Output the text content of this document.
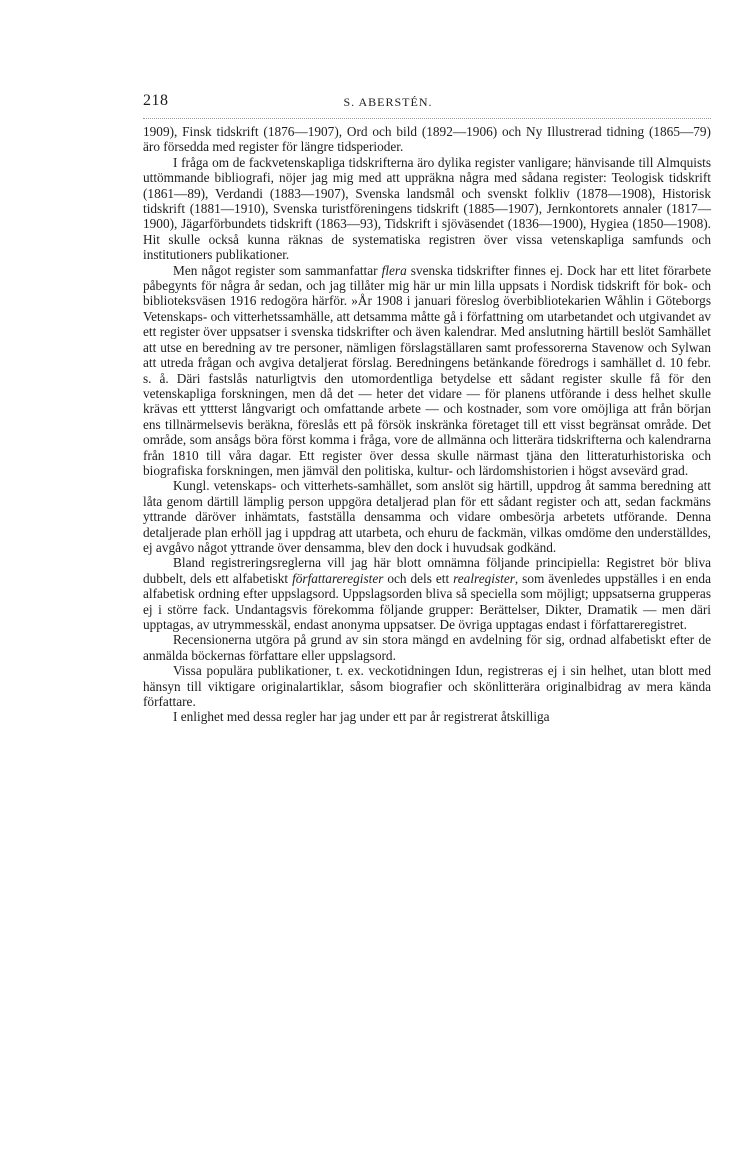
218	S. ABERSTÉN.

1909), Finsk tidskrift (1876—1907), Ord och bild (1892—1906) och Ny Illustrerad tidning (1865—79) äro försedda med register för längre tidsperioder.

I fråga om de fackvetenskapliga tidskrifterna äro dylika register vanligare; hänvisande till Almquists uttömmande bibliografi, nöjer jag mig med att uppräkna några med sådana register: Teologisk tidskrift (1861—89), Verdandi (1883—1907), Svenska landsmål och svenskt folkliv (1878—1908), Historisk tidskrift (1881—1910), Svenska turistföreningens tidskrift (1885—1907), Jernkontorets annaler (1817—1900), Jägarförbundets tidskrift (1863—93), Tidskrift i sjöväsendet (1836—1900), Hygiea (1850—1908). Hit skulle också kunna räknas de systematiska registren över vissa vetenskapliga samfunds och institutioners publikationer.

Men något register som sammanfattar flera svenska tidskrifter finnes ej. Dock har ett litet förarbete påbegynts för några år sedan, och jag tillåter mig här ur min lilla uppsats i Nordisk tidskrift för bok- och biblioteksväsen 1916 redogöra härför. »År 1908 i januari föreslog överbibliotekarien Wåhlin i Göteborgs Vetenskaps- och vitterhetssamhälle, att detsamma måtte gå i författning om utarbetandet och utgivandet av ett register över uppsatser i svenska tidskrifter och även kalendrar. Med anslutning härtill beslöt Samhället att utse en beredning av tre personer, nämligen förslagställaren samt professorerna Stavenow och Sylwan att utreda frågan och avgiva detaljerat förslag. Beredningens betänkande föredrogs i samhället d. 10 febr. s. å. Däri fastslås naturligtvis den utomordentliga betydelse ett sådant register skulle få för den vetenskapliga forskningen, men då det — heter det vidare — för planens utförande i dess helhet skulle krävas ett yttterst långvarigt och omfattande arbete — och kostnader, som vore omöjliga att från början ens tillnärmelsevis beräkna, föreslås ett på försök inskränka företaget till ett visst begränsat område. Det område, som ansågs böra först komma i fråga, vore de allmänna och litterära tidskrifterna och kalendrarna från 1810 till våra dagar. Ett register över dessa skulle närmast tjäna den litteraturhistoriska och biografiska forskningen, men jämväl den politiska, kultur- och lärdomshistorien i högst avsevärd grad.

Kungl. vetenskaps- och vitterhets-samhället, som anslöt sig härtill, uppdrog åt samma beredning att låta genom därtill lämplig person uppgöra detaljerad plan för ett sådant register och att, sedan fackmäns yttrande däröver inhämtats, fastställa densamma och vidare ombesörja arbetets utförande. Denna detaljerade plan erhöll jag i uppdrag att utarbeta, och ehuru de fackmän, vilkas omdöme den underställdes, ej avgåvo något yttrande över densamma, blev den dock i huvudsak godkänd.

Bland registreringsreglerna vill jag här blott omnämna följande principiella: Registret bör bliva dubbelt, dels ett alfabetiskt författareregister och dels ett realregister, som ävenledes uppställes i en enda alfabetisk ordning efter uppslagsord. Uppslagsorden bliva så speciella som möjligt; uppsatserna grupperas ej i större fack. Undantagsvis förekomma följande grupper: Berättelser, Dikter, Dramatik — men däri upptagas, av utrymmesskäl, endast anonyma uppsatser. De övriga upptagas endast i författareregistret.

Recensionerna utgöra på grund av sin stora mängd en avdelning för sig, ordnad alfabetiskt efter de anmälda böckernas författare eller uppslagsord.

Vissa populära publikationer, t. ex. veckotidningen Idun, registreras ej i sin helhet, utan blott med hänsyn till viktigare originalartiklar, såsom biografier och skönlitterära originalbidrag av mera kända författare.

I enlighet med dessa regler har jag under ett par år registrerat åtskilliga
